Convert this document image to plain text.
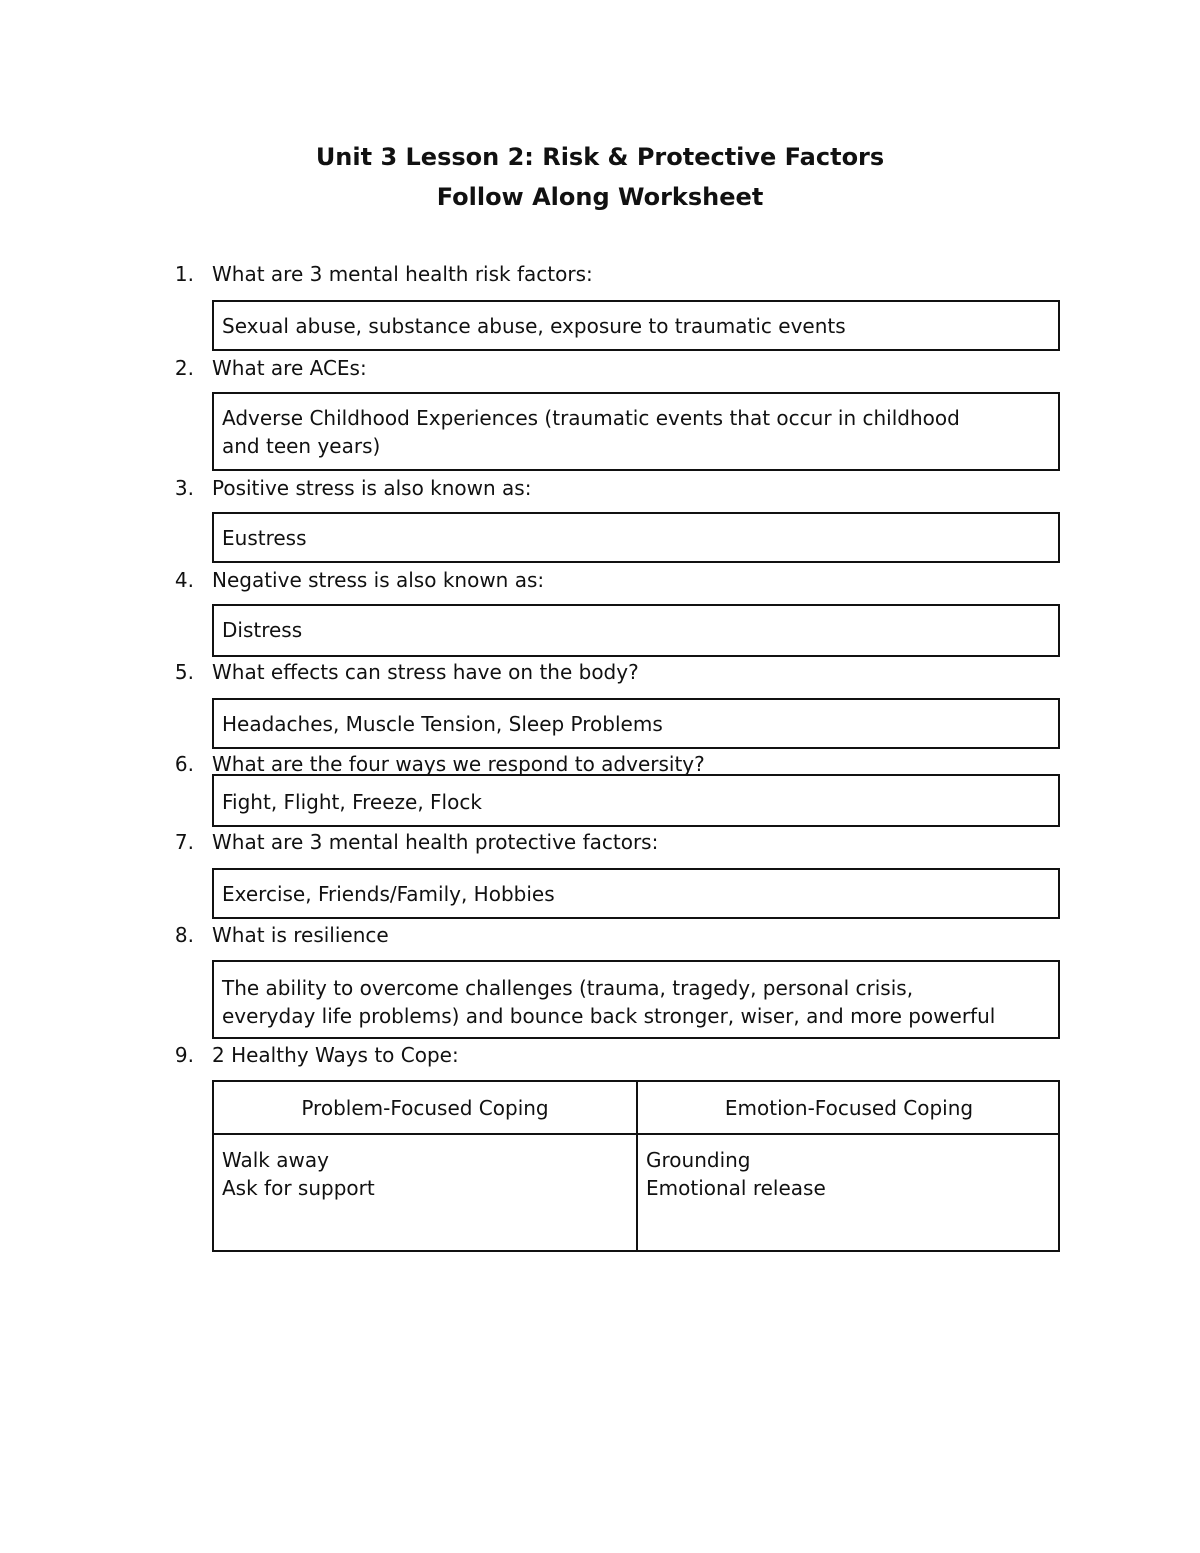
Unit 3 Lesson 2: Risk & Protective Factors
Follow Along Worksheet
1. What are 3 mental health risk factors:
Sexual abuse, substance abuse, exposure to traumatic events
2. What are ACEs:
Adverse Childhood Experiences (traumatic events that occur in childhood
and teen years)
3. Positive stress is also known as:
Eustress
4. Negative stress is also known as:
Distress
5. What effects can stress have on the body?
Headaches, Muscle Tension, Sleep Problems
6. What are the four ways we respond to adversity?
Fight, Flight, Freeze, Flock
7. What are 3 mental health protective factors:
Exercise, Friends/Family, Hobbies
8. What is resilience
The ability to overcome challenges (trauma, tragedy, personal crisis,
everyday life problems) and bounce back stronger, wiser, and more powerful
9. 2 Healthy Ways to Cope:
Problem-Focused Coping	Emotion-Focused Coping
Walk away
Ask for support
Grounding
Emotional release
